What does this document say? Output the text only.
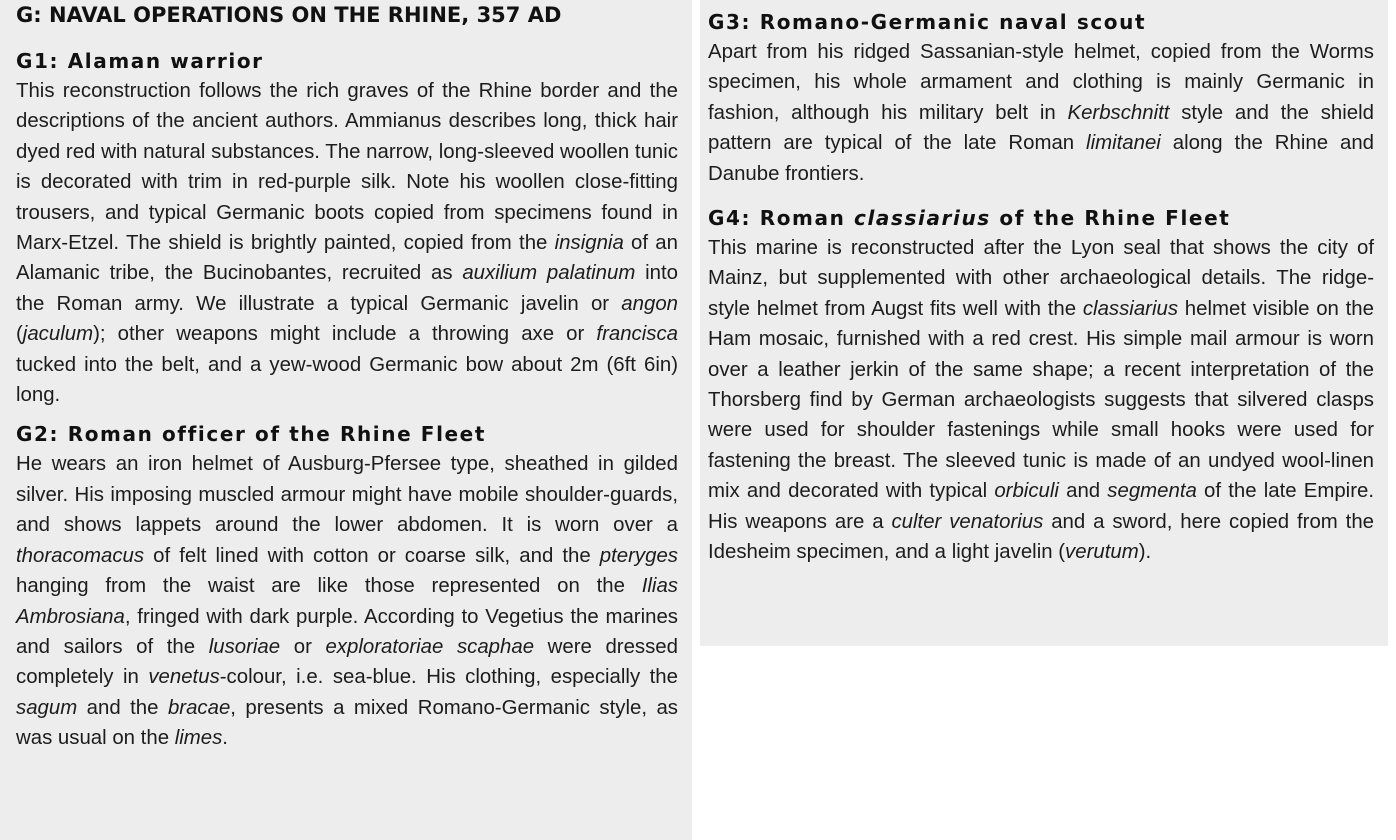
G: NAVAL OPERATIONS ON THE RHINE, 357 AD
G1: Alaman warrior

This reconstruction follows the rich graves of the Rhine border and the descriptions of the ancient authors. Ammianus describes long, thick hair dyed red with natural substances. The narrow, long-sleeved woollen tunic is decorated with trim in red-purple silk. Note his woollen close-fitting trousers, and typical Germanic boots copied from specimens found in Marx-Etzel. The shield is brightly painted, copied from the insignia of an Alamanic tribe, the Bucinobantes, recruited as auxilium palatinum into the Roman army. We illustrate a typical Germanic javelin or angon (jaculum); other weapons might include a throwing axe or francisca tucked into the belt, and a yew-wood Germanic bow about 2m (6ft 6in) long.

G2: Roman officer of the Rhine Fleet

He wears an iron helmet of Ausburg-Pfersee type, sheathed in gilded silver. His imposing muscled armour might have mobile shoulder-guards, and shows lappets around the lower abdomen. It is worn over a thoracomacus of felt lined with cotton or coarse silk, and the pteryges hanging from the waist are like those represented on the Ilias Ambrosiana, fringed with dark purple. According to Vegetius the marines and sailors of the lusoriae or exploratoriae scaphae were dressed completely in venetus-colour, i.e. sea-blue. His clothing, especially the sagum and the bracae, presents a mixed Romano-Germanic style, as was usual on the limes.

G3: Romano-Germanic naval scout

Apart from his ridged Sassanian-style helmet, copied from the Worms specimen, his whole armament and clothing is mainly Germanic in fashion, although his military belt in Kerbschnitt style and the shield pattern are typical of the late Roman limitanei along the Rhine and Danube frontiers.

G4: Roman classiarius of the Rhine Fleet

This marine is reconstructed after the Lyon seal that shows the city of Mainz, but supplemented with other archaeological details. The ridge-style helmet from Augst fits well with the classiarius helmet visible on the Ham mosaic, furnished with a red crest. His simple mail armour is worn over a leather jerkin of the same shape; a recent interpretation of the Thorsberg find by German archaeologists suggests that silvered clasps were used for shoulder fastenings while small hooks were used for fastening the breast. The sleeved tunic is made of an undyed wool-linen mix and decorated with typical orbiculi and segmenta of the late Empire. His weapons are a culter venatorius and a sword, here copied from the Idesheim specimen, and a light javelin (verutum).
